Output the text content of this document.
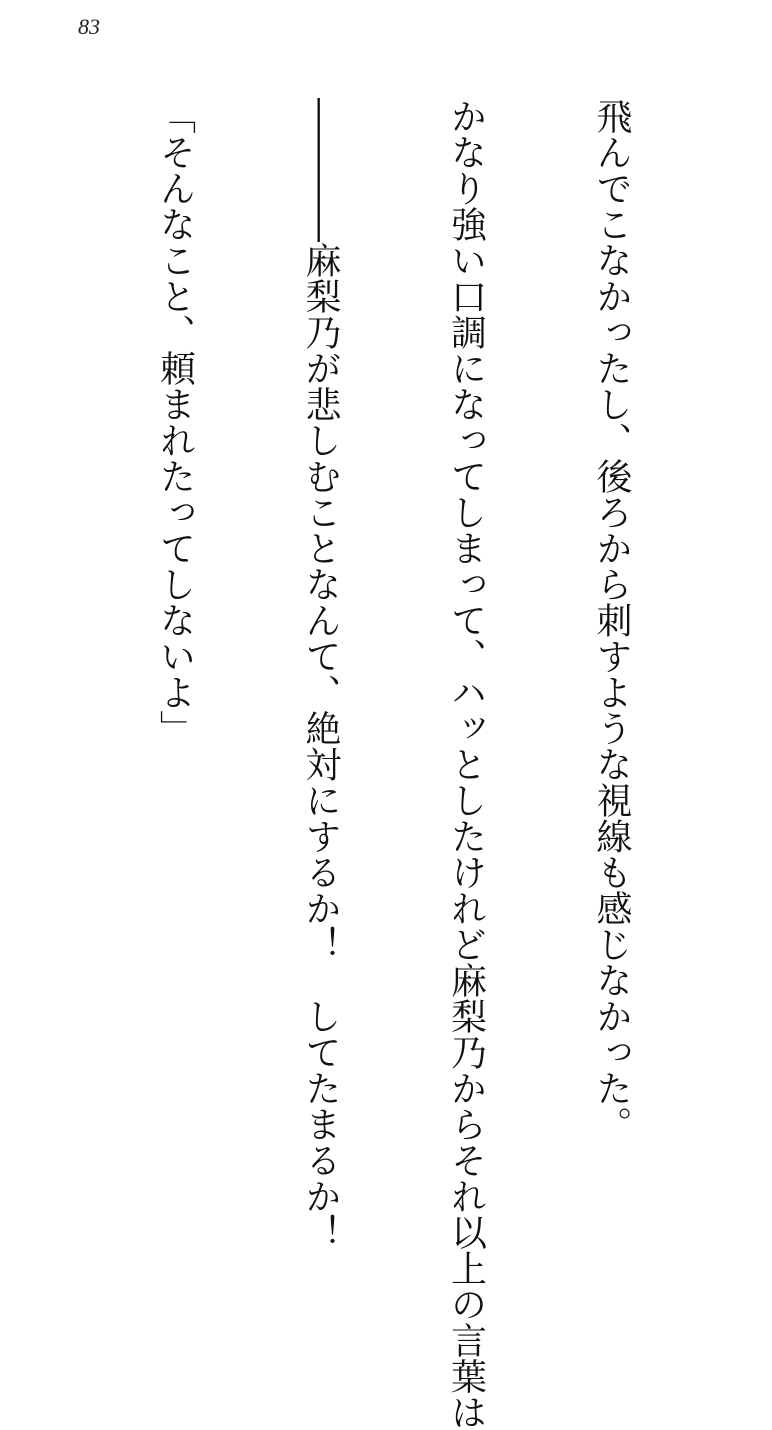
83

飛んでこなかったし、後ろから刺すような視線も感じなかった。

かなり強い口調になってしまって、ハッとしたけれど麻梨乃からそれ以上の言葉は

――――麻梨乃が悲しむことなんて、絶対にするか！　してたまるか！

「そんなこと、頼まれたってしないよ」
